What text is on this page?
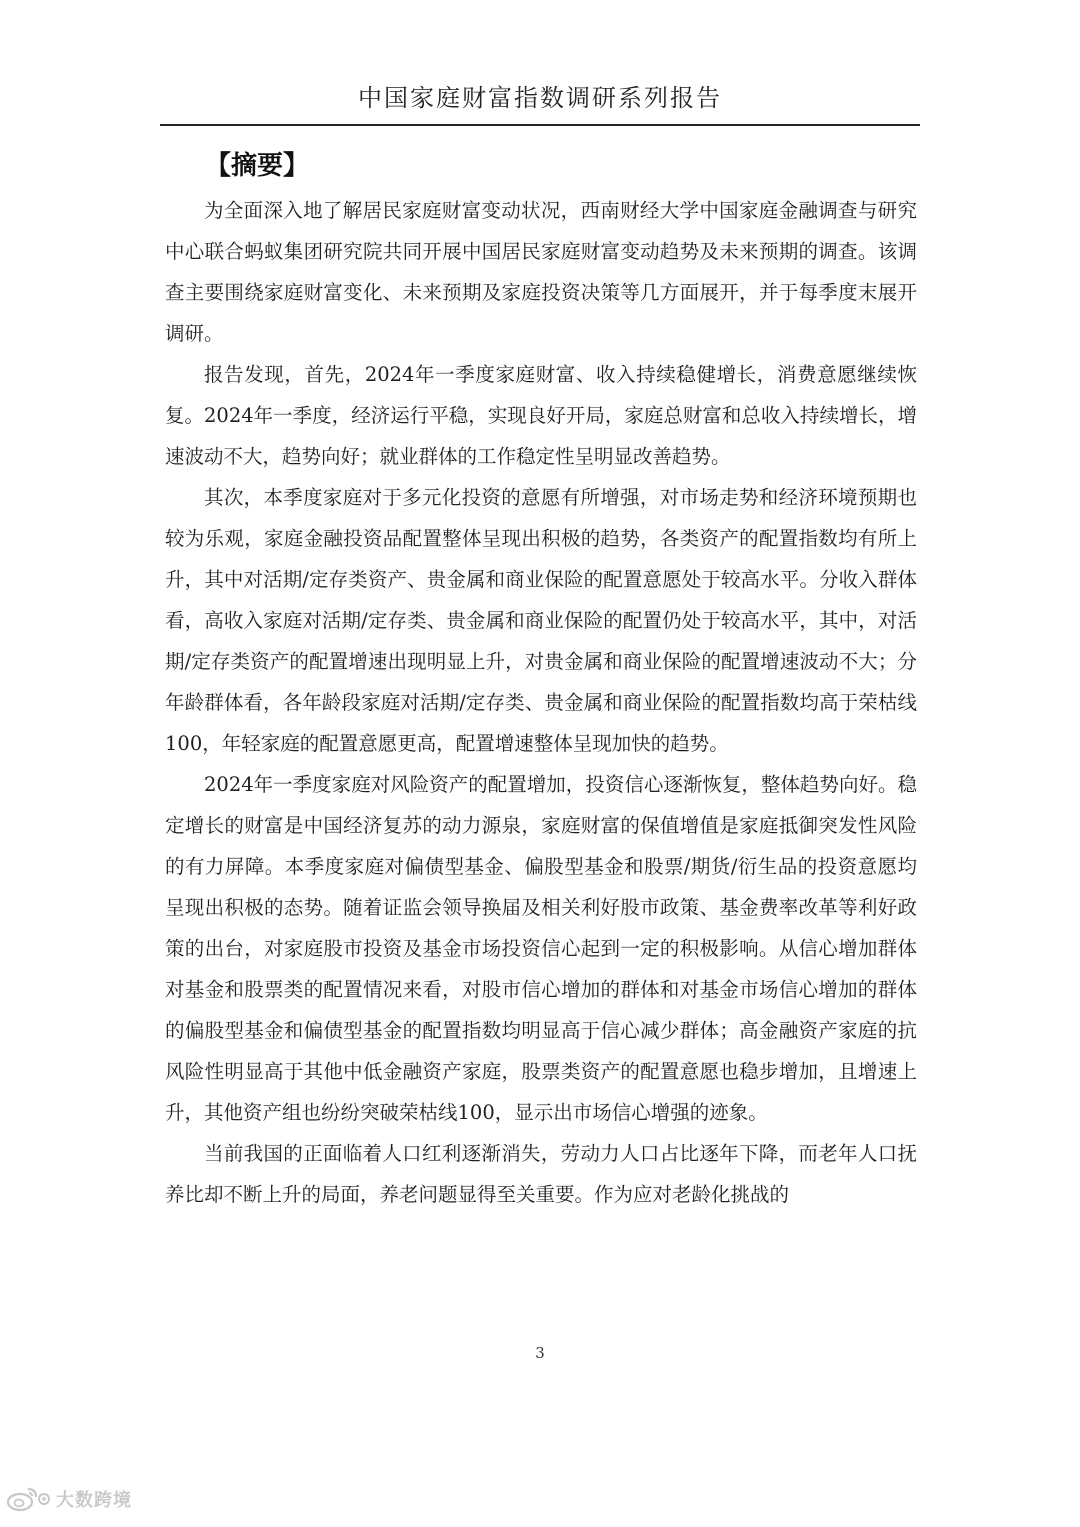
中国家庭财富指数调研系列报告
【摘要】

为全面深入地了解居民家庭财富变动状况，西南财经大学中国家庭金融调查与研究中心联合蚂蚁集团研究院共同开展中国居民家庭财富变动趋势及未来预期的调查。该调查主要围绕家庭财富变化、未来预期及家庭投资决策等几方面展开，并于每季度末展开调研。

报告发现，首先，2024年一季度家庭财富、收入持续稳健增长，消费意愿继续恢复。2024年一季度，经济运行平稳，实现良好开局，家庭总财富和总收入持续增长，增速波动不大，趋势向好；就业群体的工作稳定性呈明显改善趋势。

其次，本季度家庭对于多元化投资的意愿有所增强，对市场走势和经济环境预期也较为乐观，家庭金融投资品配置整体呈现出积极的趋势，各类资产的配置指数均有所上升，其中对活期/定存类资产、贵金属和商业保险的配置意愿处于较高水平。分收入群体看，高收入家庭对活期/定存类、贵金属和商业保险的配置仍处于较高水平，其中，对活期/定存类资产的配置增速出现明显上升，对贵金属和商业保险的配置增速波动不大；分年龄群体看，各年龄段家庭对活期/定存类、贵金属和商业保险的配置指数均高于荣枯线100，年轻家庭的配置意愿更高，配置增速整体呈现加快的趋势。

2024年一季度家庭对风险资产的配置增加，投资信心逐渐恢复，整体趋势向好。稳定增长的财富是中国经济复苏的动力源泉，家庭财富的保值增值是家庭抵御突发性风险的有力屏障。本季度家庭对偏债型基金、偏股型基金和股票/期货/衍生品的投资意愿均呈现出积极的态势。随着证监会领导换届及相关利好股市政策、基金费率改革等利好政策的出台，对家庭股市投资及基金市场投资信心起到一定的积极影响。从信心增加群体对基金和股票类的配置情况来看，对股市信心增加的群体和对基金市场信心增加的群体的偏股型基金和偏债型基金的配置指数均明显高于信心减少群体；高金融资产家庭的抗风险性明显高于其他中低金融资产家庭，股票类资产的配置意愿也稳步增加，且增速上升，其他资产组也纷纷突破荣枯线100，显示出市场信心增强的迹象。

当前我国的正面临着人口红利逐渐消失，劳动力人口占比逐年下降，而老年人口抚养比却不断上升的局面，养老问题显得至关重要。作为应对老龄化挑战的

3
大数跨境
